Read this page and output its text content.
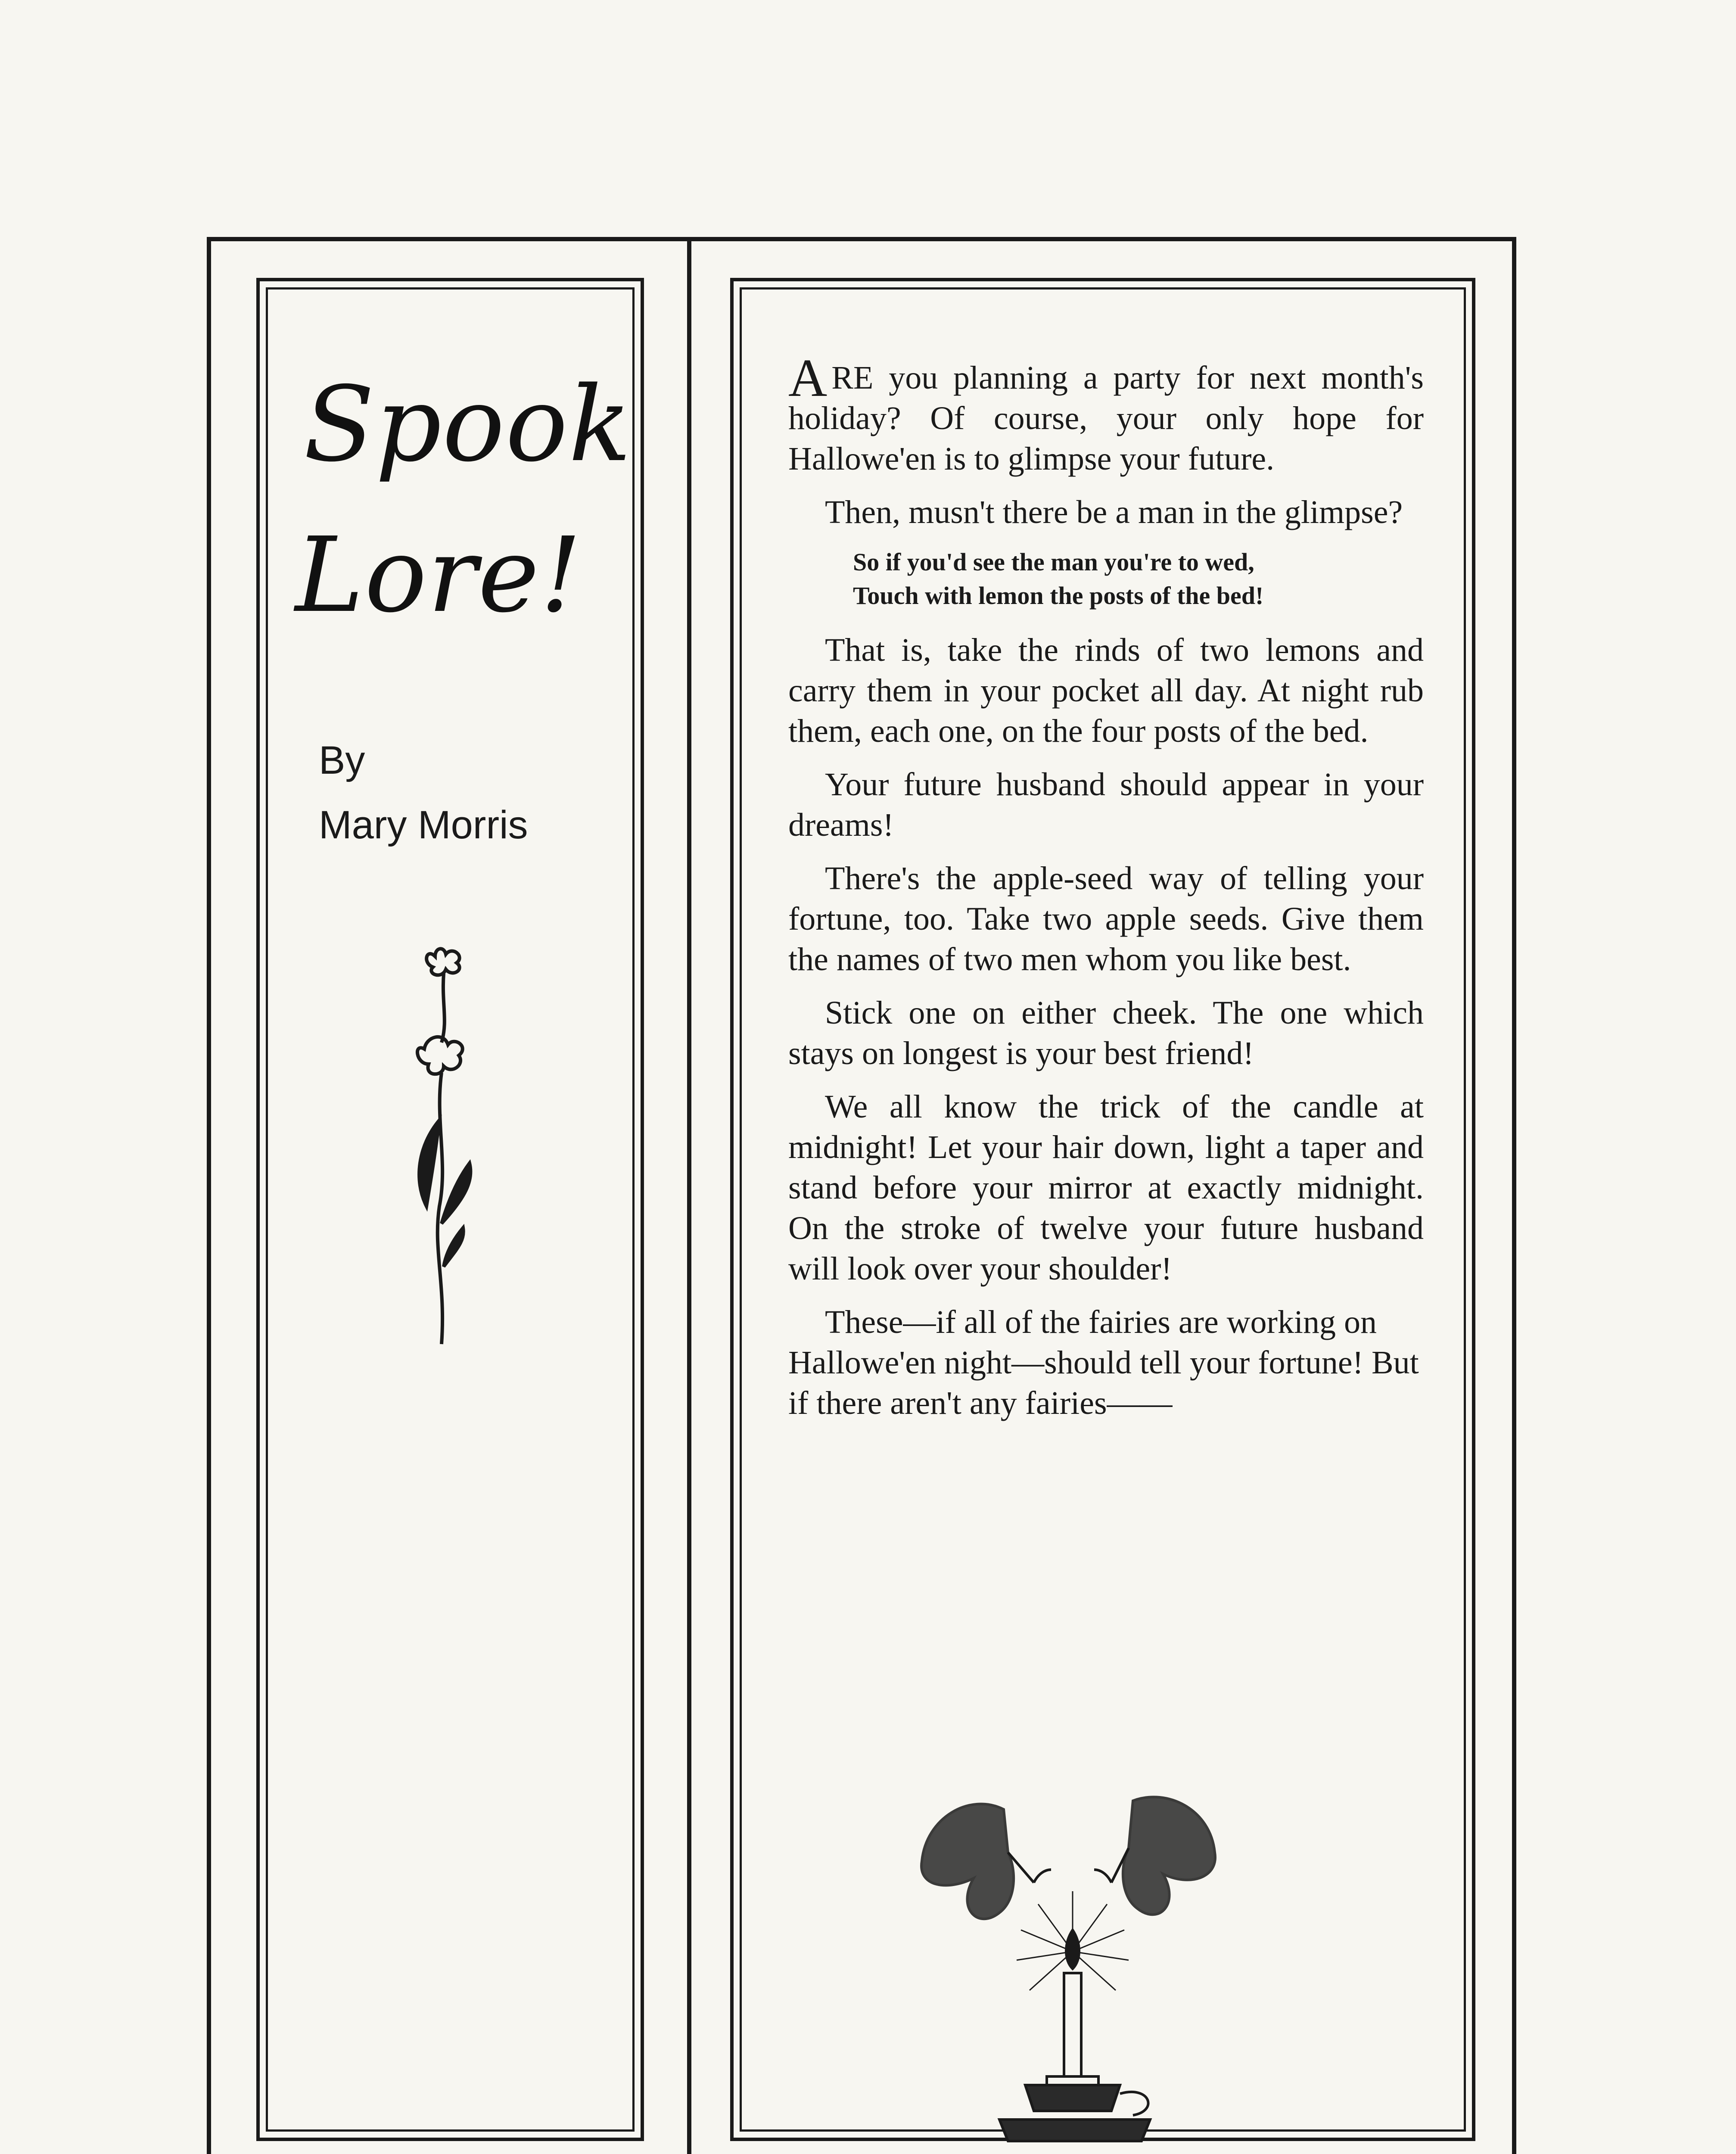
Spook
Lore!
By
Mary Morris

ARE you planning a party for next month's holiday? Of course, your only hope for Hallowe'en is to glimpse your future.

Then, musn't there be a man in the glimpse?

So if you'd see the man you're to wed,
Touch with lemon the posts of the bed!

That is, take the rinds of two lemons and carry them in your pocket all day. At night rub them, each one, on the four posts of the bed.

Your future husband should appear in your dreams!

There's the apple-seed way of telling your fortune, too. Take two apple seeds. Give them the names of two men whom you like best.

Stick one on either cheek. The one which stays on longest is your best friend!

We all know the trick of the candle at midnight! Let your hair down, light a taper and stand before your mirror at exactly midnight. On the stroke of twelve your future husband will look over your shoulder!

These—if all of the fairies are working on Hallowe'en night—should tell your fortune! But if there aren't any fairies——
